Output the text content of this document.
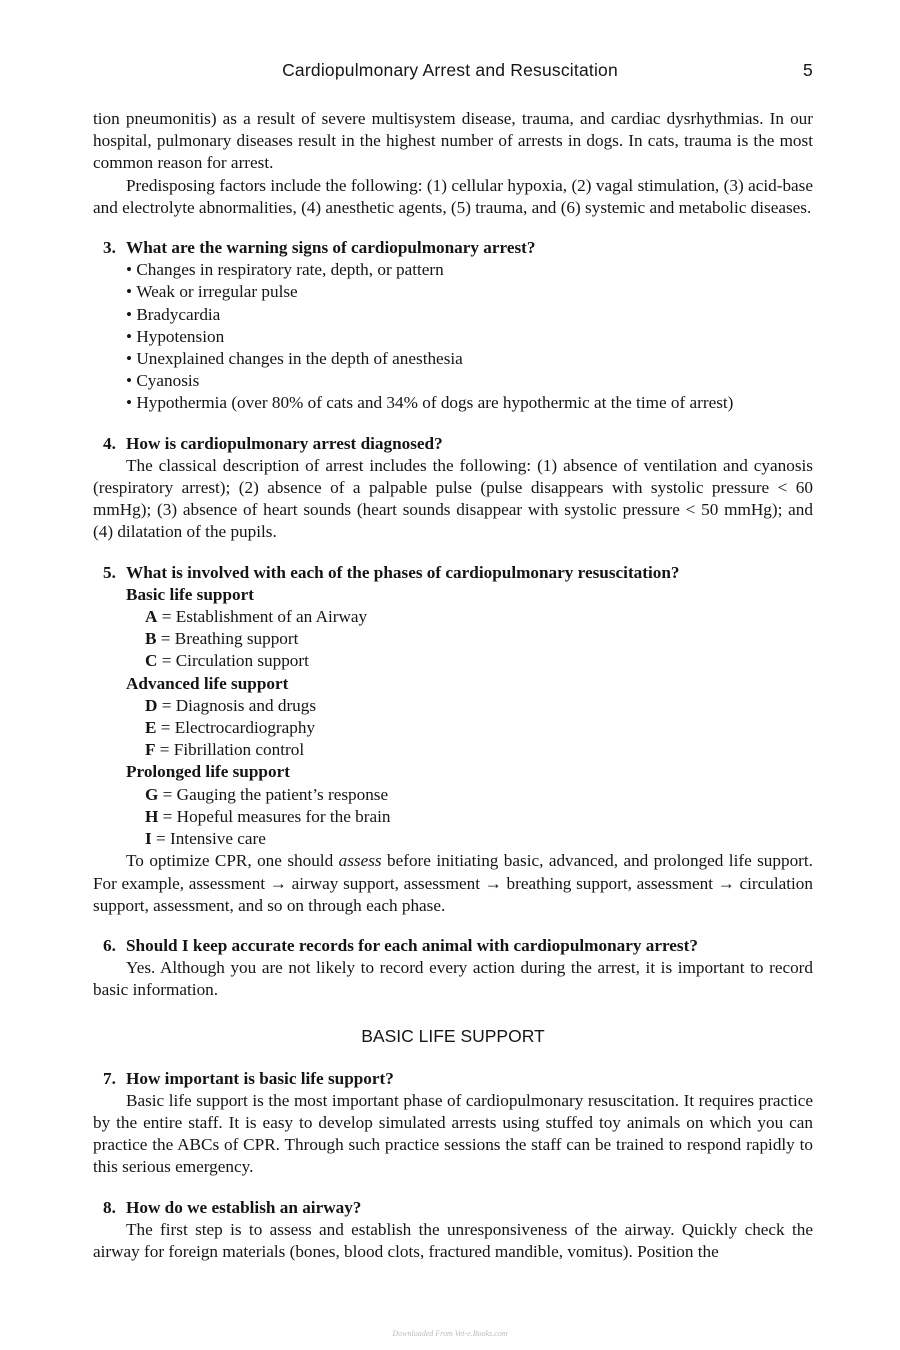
Cardiopulmonary Arrest and Resuscitation	5

tion pneumonitis) as a result of severe multisystem disease, trauma, and cardiac dysrhythmias. In our hospital, pulmonary diseases result in the highest number of arrests in dogs. In cats, trauma is the most common reason for arrest.

Predisposing factors include the following: (1) cellular hypoxia, (2) vagal stimulation, (3) acid-base and electrolyte abnormalities, (4) anesthetic agents, (5) trauma, and (6) systemic and metabolic diseases.

3. What are the warning signs of cardiopulmonary arrest?
• Changes in respiratory rate, depth, or pattern
• Weak or irregular pulse
• Bradycardia
• Hypotension
• Unexplained changes in the depth of anesthesia
• Cyanosis
• Hypothermia (over 80% of cats and 34% of dogs are hypothermic at the time of arrest)
4. How is cardiopulmonary arrest diagnosed?

The classical description of arrest includes the following: (1) absence of ventilation and cyanosis (respiratory arrest); (2) absence of a palpable pulse (pulse disappears with systolic pressure < 60 mmHg); (3) absence of heart sounds (heart sounds disappear with systolic pressure < 50 mmHg); and (4) dilatation of the pupils.

5. What is involved with each of the phases of cardiopulmonary resuscitation?
Basic life support
A = Establishment of an Airway
B = Breathing support
C = Circulation support
Advanced life support
D = Diagnosis and drugs
E = Electrocardiography
F = Fibrillation control
Prolonged life support
G = Gauging the patient’s response
H = Hopeful measures for the brain
I = Intensive care

To optimize CPR, one should assess before initiating basic, advanced, and prolonged life support. For example, assessment → airway support, assessment → breathing support, assessment → circulation support, assessment, and so on through each phase.

6. Should I keep accurate records for each animal with cardiopulmonary arrest?

Yes. Although you are not likely to record every action during the arrest, it is important to record basic information.

BASIC LIFE SUPPORT
7. How important is basic life support?

Basic life support is the most important phase of cardiopulmonary resuscitation. It requires practice by the entire staff. It is easy to develop simulated arrests using stuffed toy animals on which you can practice the ABCs of CPR. Through such practice sessions the staff can be trained to respond rapidly to this serious emergency.

8. How do we establish an airway?

The first step is to assess and establish the unresponsiveness of the airway. Quickly check the airway for foreign materials (bones, blood clots, fractured mandible, vomitus). Position the

Downloaded From Vet-e.Books.com
